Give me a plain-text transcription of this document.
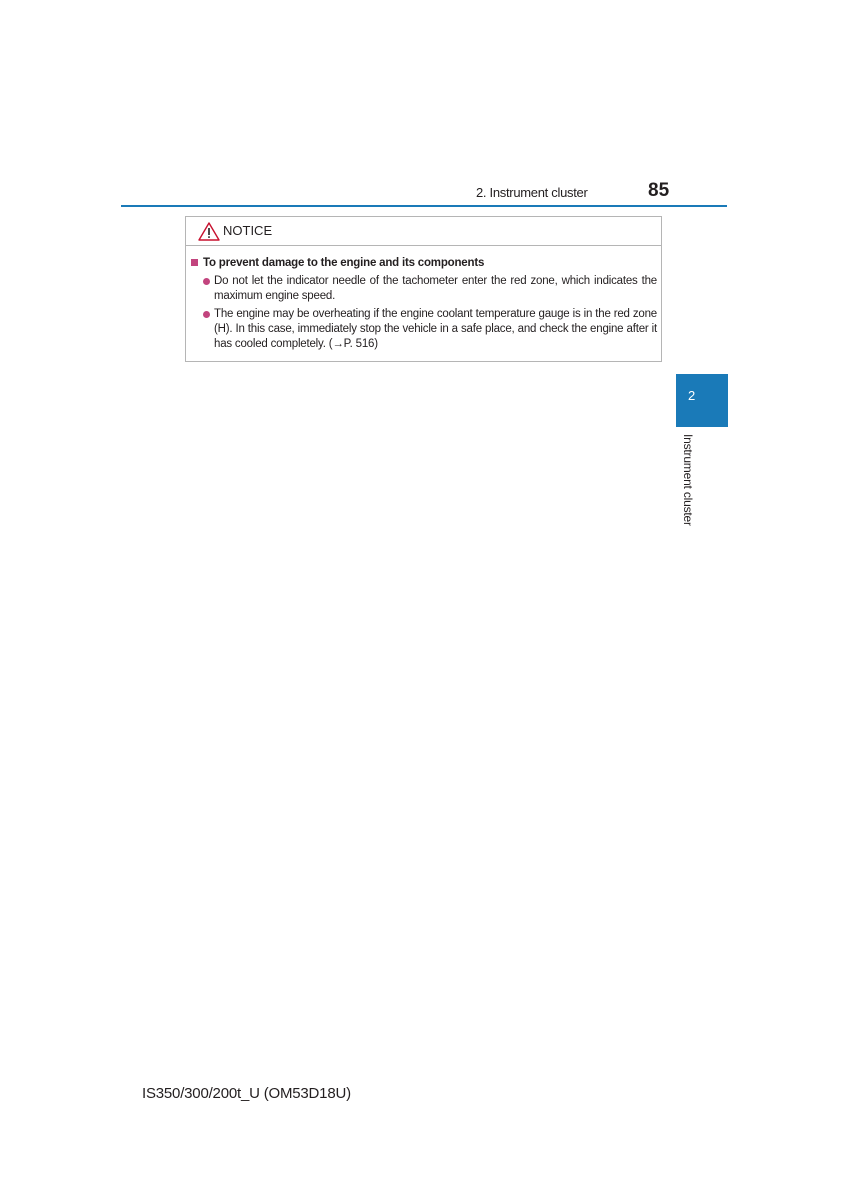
2. Instrument cluster	85
NOTICE
To prevent damage to the engine and its components
Do not let the indicator needle of the tachometer enter the red zone, which indicates the maximum engine speed.
The engine may be overheating if the engine coolant temperature gauge is in the red zone (H). In this case, immediately stop the vehicle in a safe place, and check the engine after it has cooled completely. (→P. 516)
2
Instrument cluster
IS350/300/200t_U (OM53D18U)
